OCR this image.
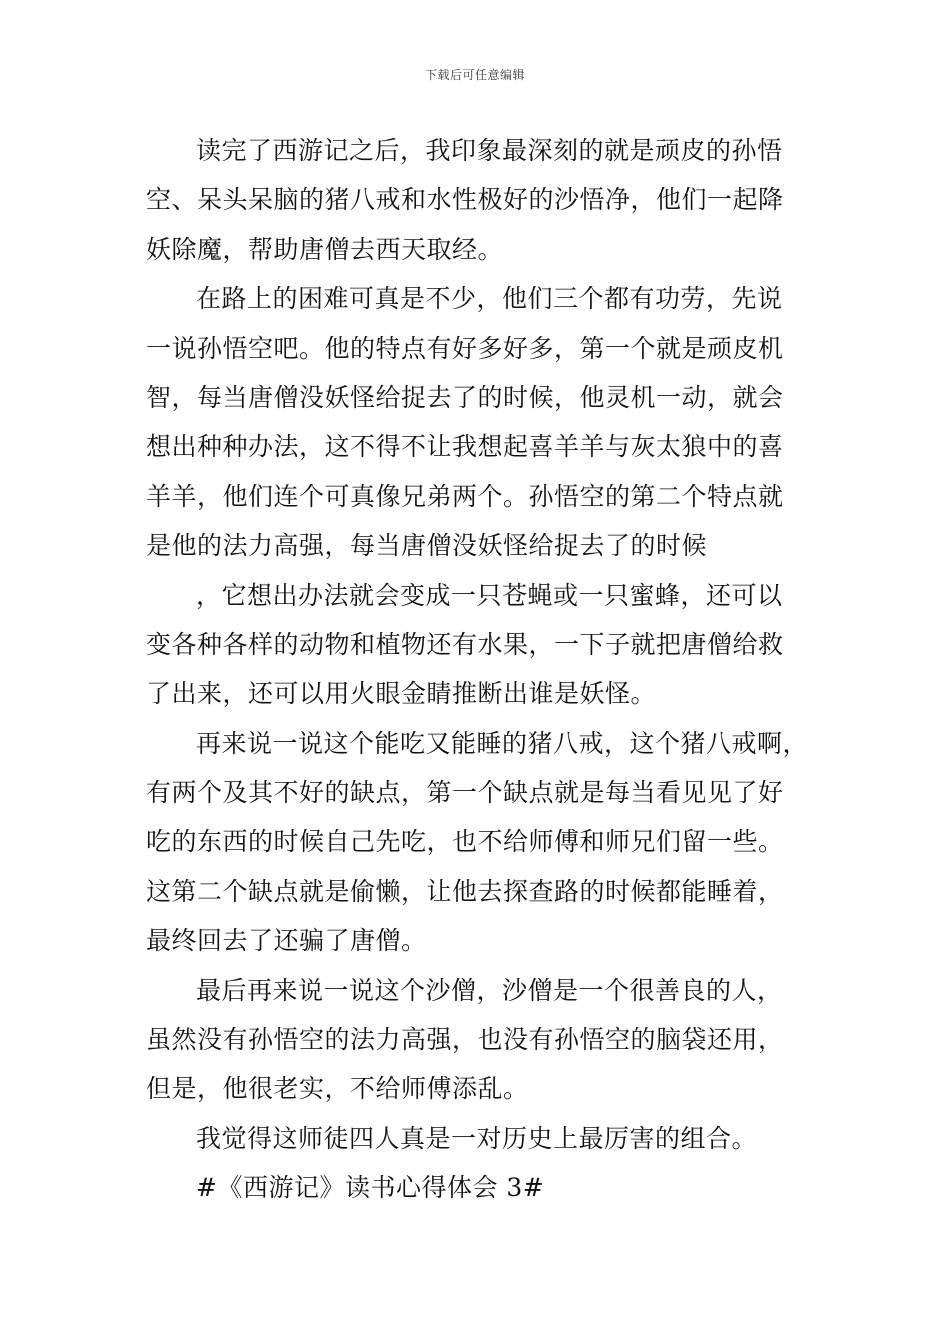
下载后可任意编辑
读完了西游记之后，我印象最深刻的就是顽皮的孙悟
空、呆头呆脑的猪八戒和水性极好的沙悟净，他们一起降
妖除魔，帮助唐僧去西天取经。
在路上的困难可真是不少，他们三个都有功劳，先说
一说孙悟空吧。他的特点有好多好多，第一个就是顽皮机
智，每当唐僧没妖怪给捉去了的时候，他灵机一动，就会
想出种种办法，这不得不让我想起喜羊羊与灰太狼中的喜
羊羊，他们连个可真像兄弟两个。孙悟空的第二个特点就
是他的法力高强，每当唐僧没妖怪给捉去了的时候
，它想出办法就会变成一只苍蝇或一只蜜蜂，还可以
变各种各样的动物和植物还有水果，一下子就把唐僧给救
了出来，还可以用火眼金睛推断出谁是妖怪。
再来说一说这个能吃又能睡的猪八戒，这个猪八戒啊，
有两个及其不好的缺点，第一个缺点就是每当看见见了好
吃的东西的时候自己先吃，也不给师傅和师兄们留一些。
这第二个缺点就是偷懒，让他去探查路的时候都能睡着，
最终回去了还骗了唐僧。
最后再来说一说这个沙僧，沙僧是一个很善良的人，
虽然没有孙悟空的法力高强，也没有孙悟空的脑袋还用，
但是，他很老实，不给师傅添乱。
我觉得这师徒四人真是一对历史上最厉害的组合。
#《西游记》读书心得体会 3#
